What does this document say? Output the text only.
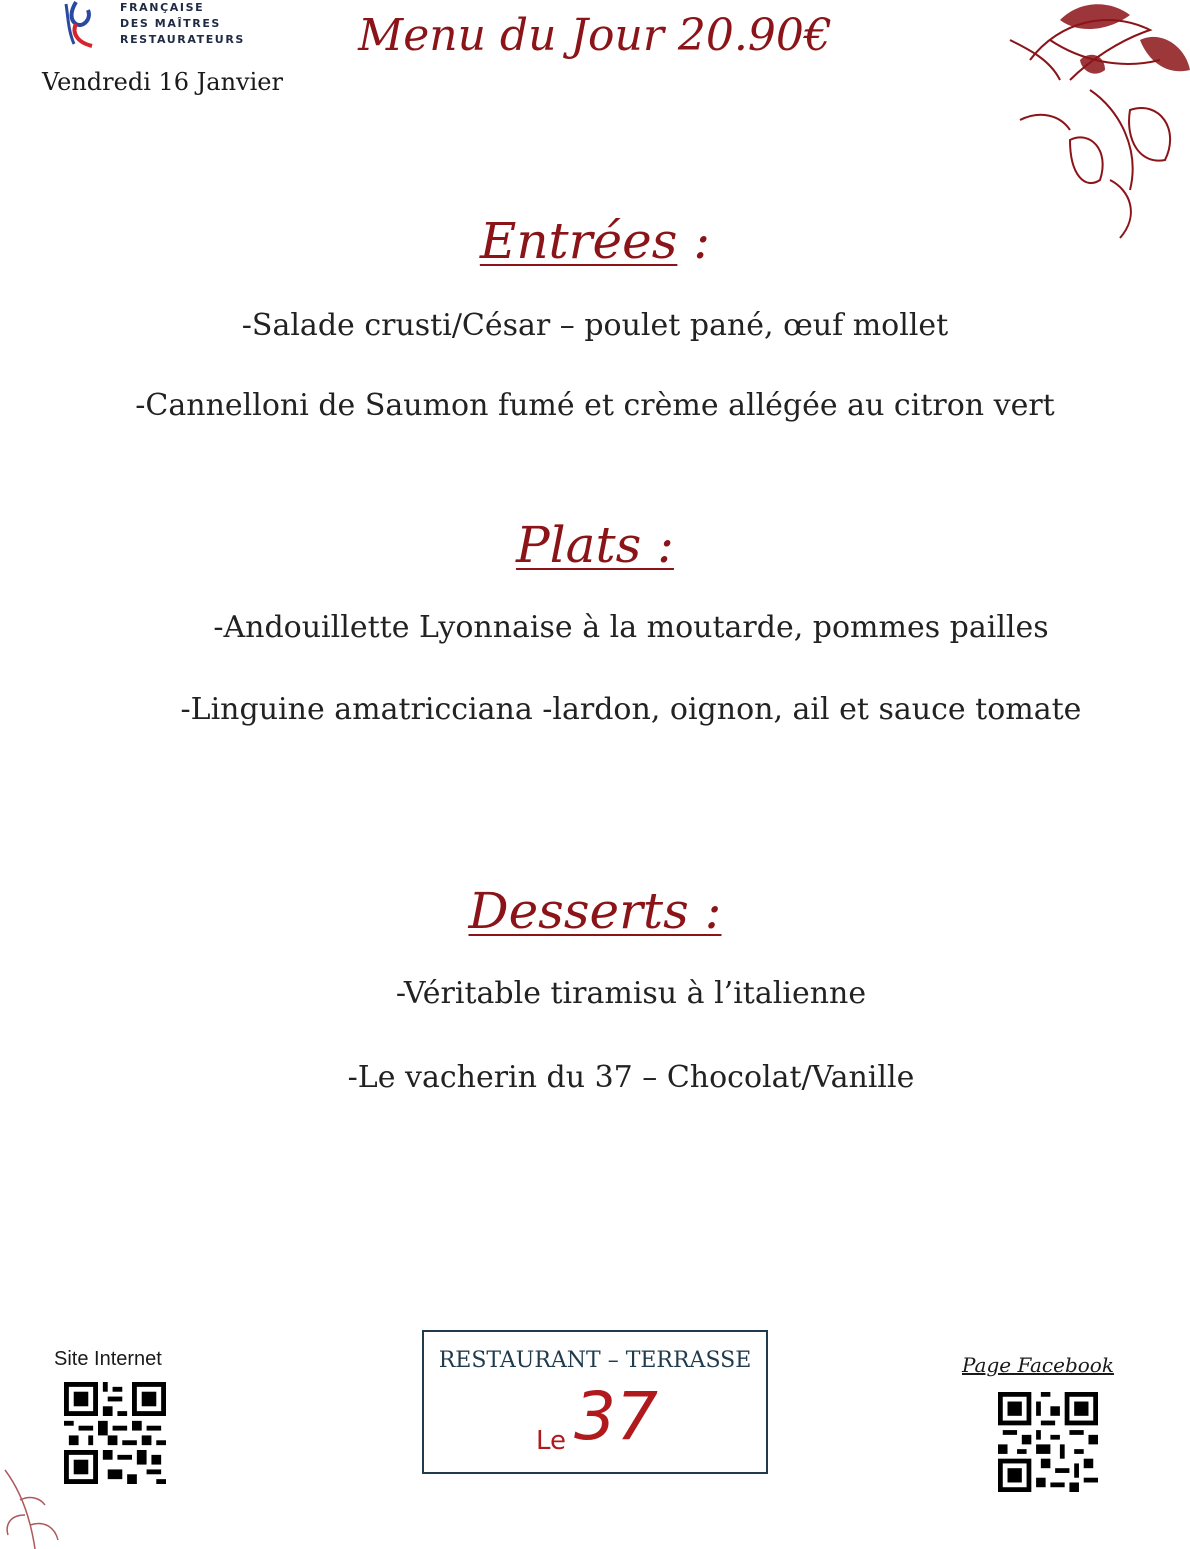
FRANÇAISE
DES MAÎTRES
RESTAURATEURS
Vendredi 16 Janvier
Menu du Jour 20.90€
Entrées :
-Salade crusti/César – poulet pané, œuf mollet
-Cannelloni de Saumon fumé et crème allégée au citron vert
Plats :
-Andouillette Lyonnaise à la moutarde, pommes pailles
-Linguine amatricciana -lardon, oignon, ail et sauce tomate
Desserts :
-Véritable tiramisu à l’italienne
-Le vacherin du 37 – Chocolat/Vanille
Site Internet	RESTAURANT – TERRASSE
37
Le
Page Facebook
